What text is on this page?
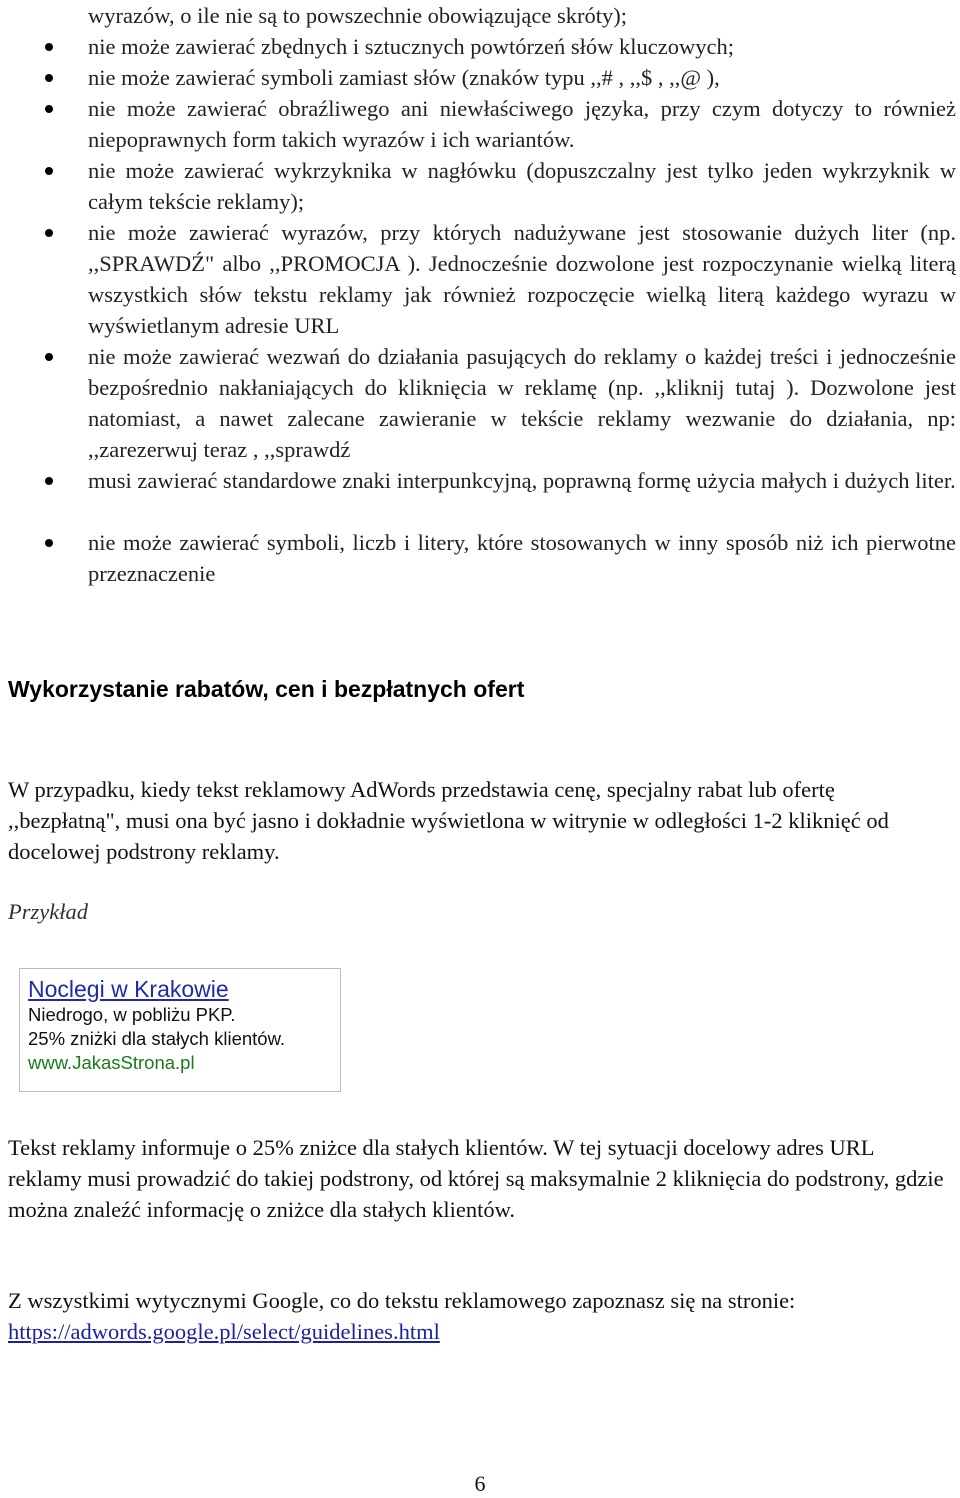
wyrazów, o ile nie są to powszechnie obowiązujące skróty);
nie może zawierać zbędnych i sztucznych powtórzeń słów kluczowych;
nie może zawierać symboli zamiast słów (znaków typu ,,# , ,,$ , ,,@ ),
nie może zawierać obraźliwego ani niewłaściwego języka, przy czym dotyczy to również niepoprawnych form takich wyrazów i ich wariantów.
nie może zawierać wykrzyknika w nagłówku (dopuszczalny jest tylko jeden wykrzyknik w całym tekście reklamy);
nie może zawierać wyrazów, przy których nadużywane jest stosowanie dużych liter (np. ,,SPRAWDŹ" albo ,,PROMOCJA ). Jednocześnie dozwolone jest rozpoczynanie wielką literą wszystkich słów tekstu reklamy jak również rozpoczęcie wielką literą każdego wyrazu w wyświetlanym adresie URL
nie może zawierać wezwań do działania pasujących do reklamy o każdej treści i jednocześnie bezpośrednio nakłaniających do kliknięcia w reklamę (np. ,,kliknij tutaj ). Dozwolone jest natomiast, a nawet zalecane zawieranie w tekście reklamy wezwanie do działania, np: ,,zarezerwuj teraz , ,,sprawdź
musi zawierać standardowe znaki interpunkcyjną, poprawną formę użycia małych i dużych liter.
nie może zawierać symboli, liczb i litery, które stosowanych w inny sposób niż ich pierwotne przeznaczenie
Wykorzystanie rabatów, cen i bezpłatnych ofert

W przypadku, kiedy tekst reklamowy AdWords przedstawia cenę, specjalny rabat lub ofertę ,,bezpłatną", musi ona być jasno i dokładnie wyświetlona w witrynie w odległości 1-2 kliknięć od docelowej podstrony reklamy.

Przykład

Noclegi w Krakowie
Niedrogo, w pobliżu PKP.
25% zniżki dla stałych klientów.
www.JakasStrona.pl

Tekst reklamy informuje o 25% zniżce dla stałych klientów. W tej sytuacji docelowy adres URL reklamy musi prowadzić do takiej podstrony, od której są maksymalnie 2 kliknięcia do podstrony, gdzie można znaleźć informację o zniżce dla stałych klientów.

Z wszystkimi wytycznymi Google, co do tekstu reklamowego zapoznasz się na stronie:
https://adwords.google.pl/select/guidelines.html

6
